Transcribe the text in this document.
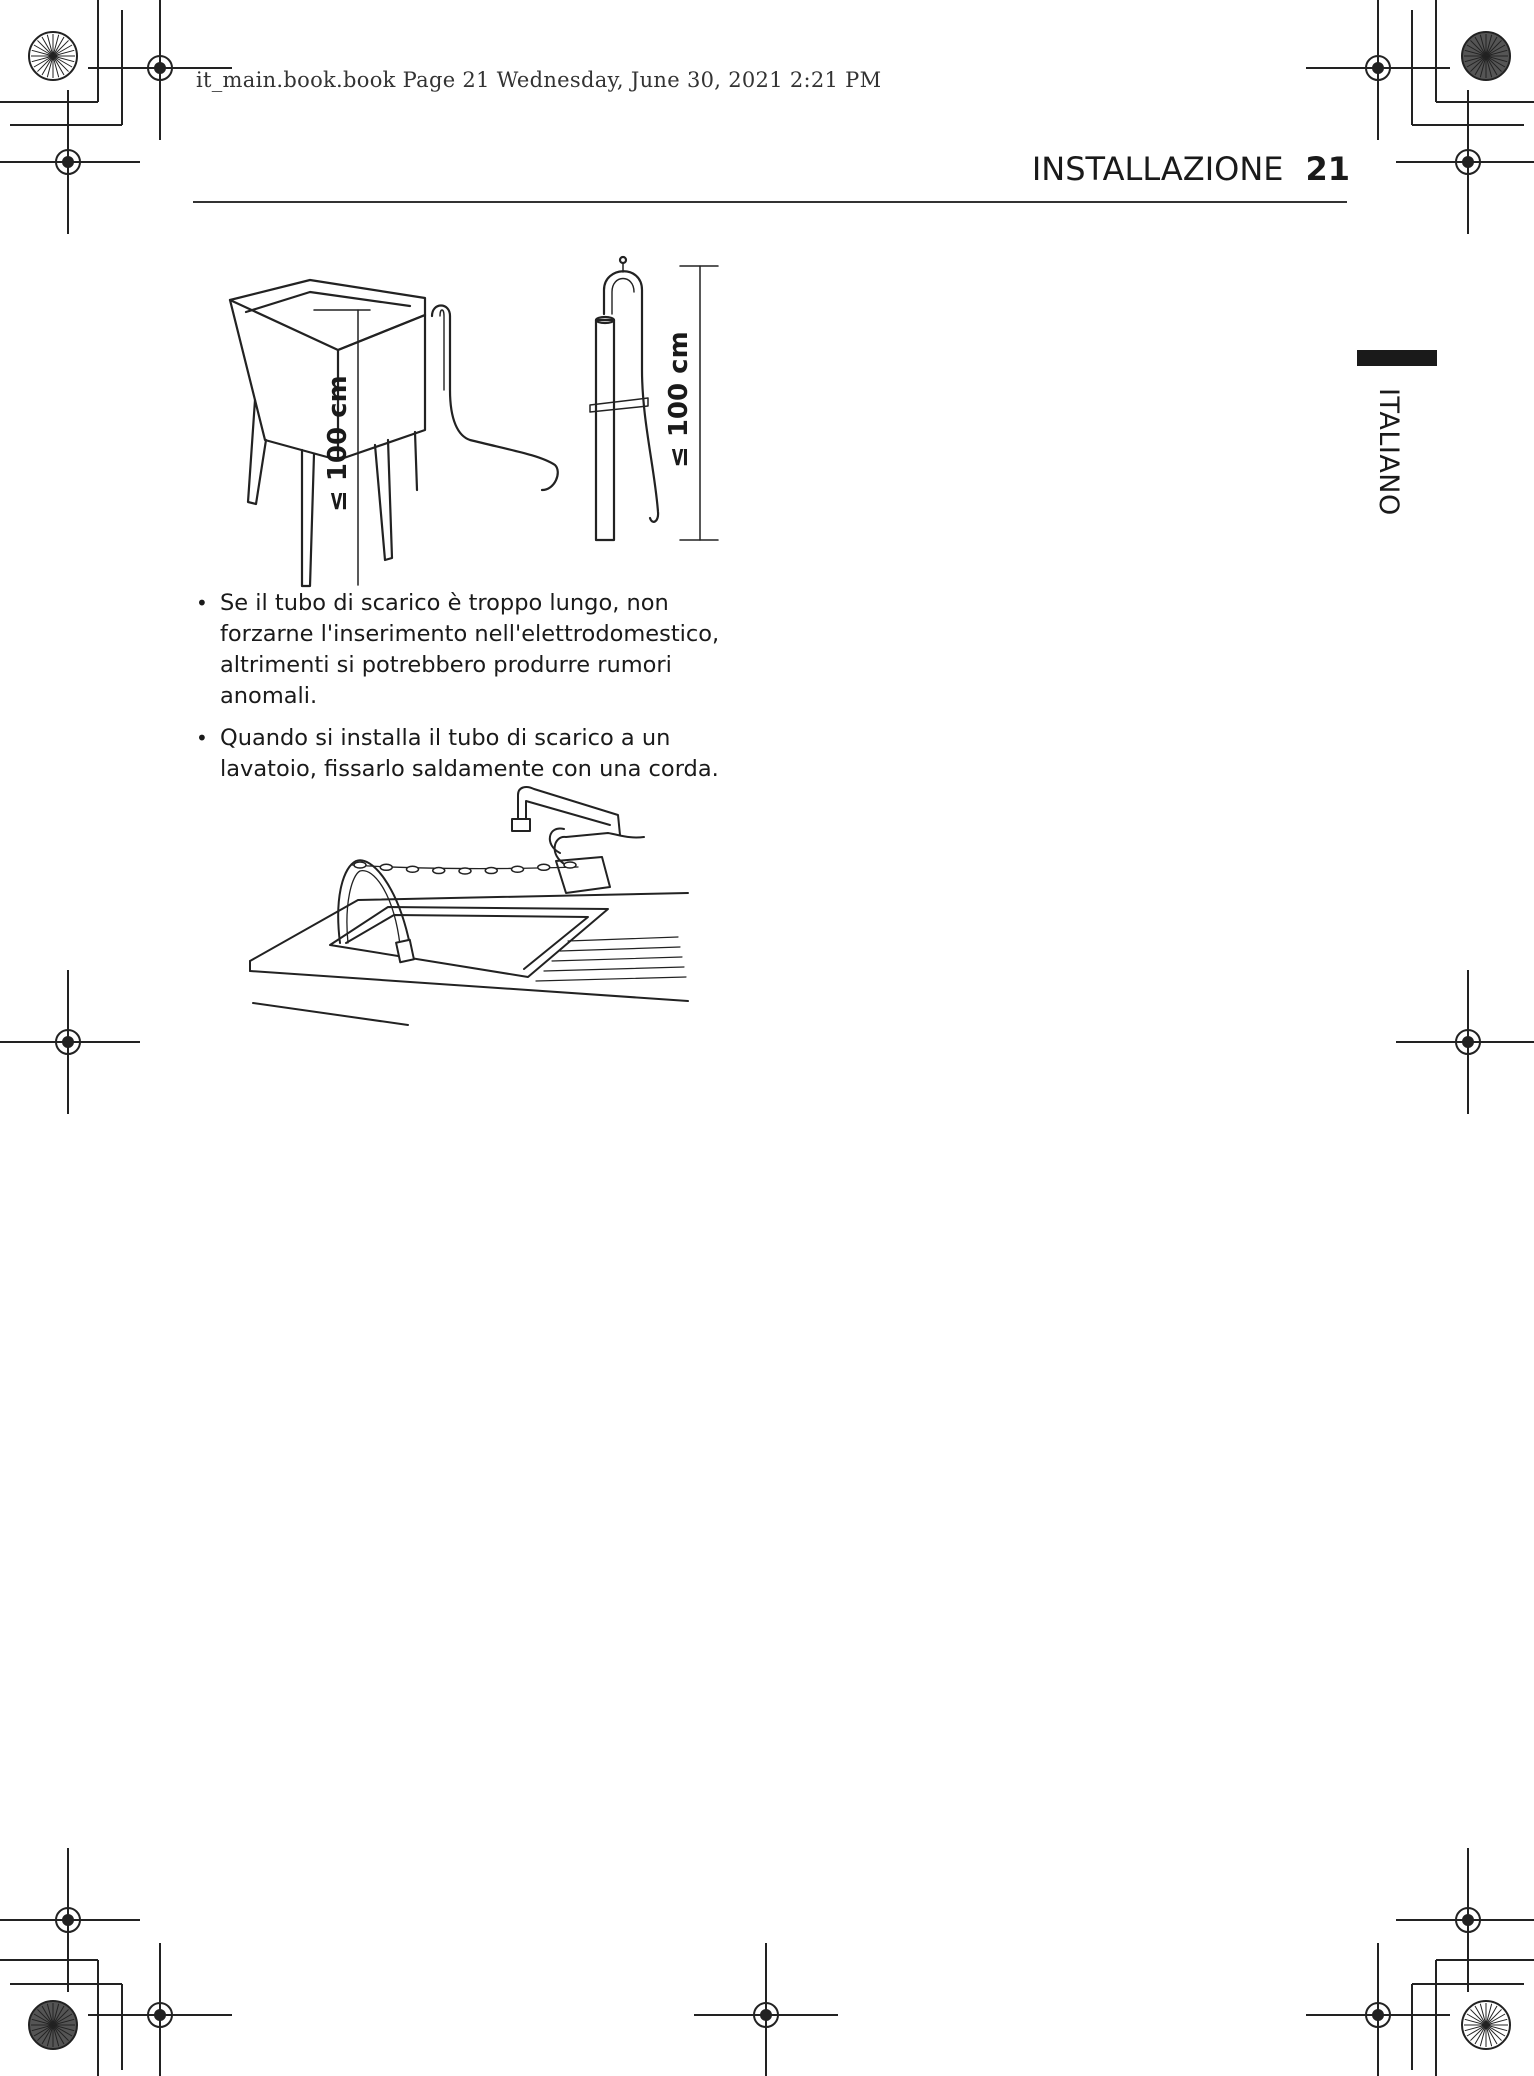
it_main.book.book Page 21 Wednesday, June 30, 2021 2:21 PM
INSTALLAZIONE 21
ITALIANO
≤ 100 cm	≤ 100 cm
• Se il tubo di scarico è troppo lungo, non forzarne l'inserimento nell'elettrodomestico, altrimenti si potrebbero produrre rumori anomali.
• Quando si installa il tubo di scarico a un lavatoio, fissarlo saldamente con una corda.
